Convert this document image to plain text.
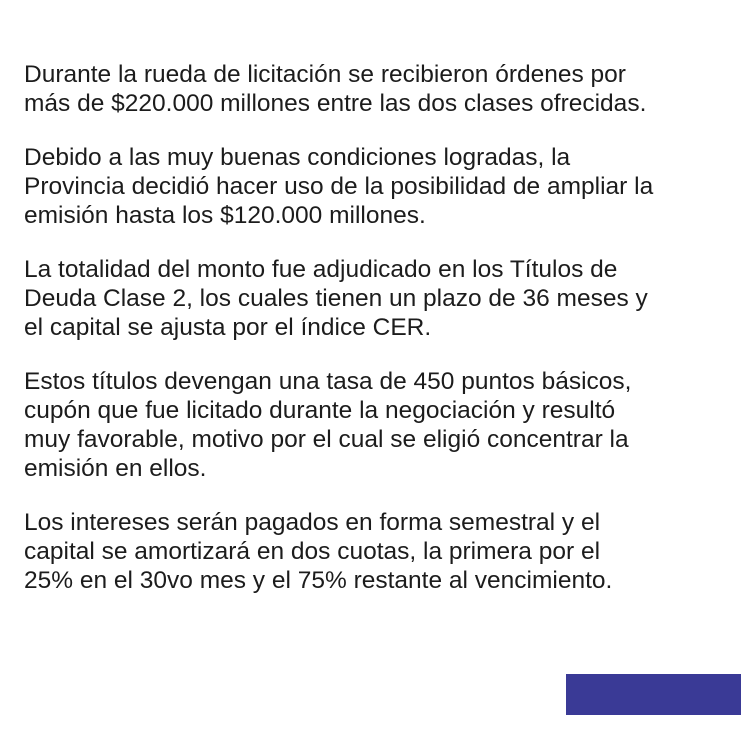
Durante la rueda de licitación se recibieron órdenes por
más de $220.000 millones entre las dos clases ofrecidas.

Debido a las muy buenas condiciones logradas, la
Provincia decidió hacer uso de la posibilidad de ampliar la
emisión hasta los $120.000 millones.

La totalidad del monto fue adjudicado en los Títulos de
Deuda Clase 2, los cuales tienen un plazo de 36 meses y
el capital se ajusta por el índice CER.

Estos títulos devengan una tasa de 450 puntos básicos,
cupón que fue licitado durante la negociación y resultó
muy favorable, motivo por el cual se eligió concentrar la
emisión en ellos.

Los intereses serán pagados en forma semestral y el
capital se amortizará en dos cuotas, la primera por el
25% en el 30vo mes y el 75% restante al vencimiento.
